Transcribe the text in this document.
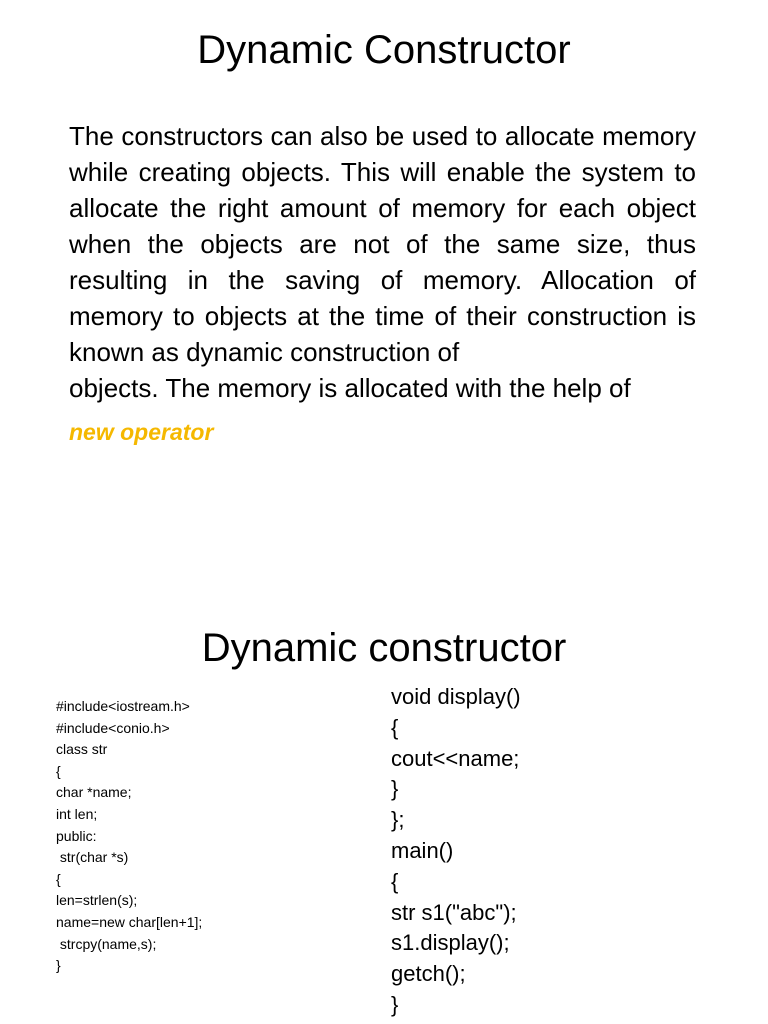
Dynamic Constructor

The constructors can also be used to allocate memory while creating objects. This will enable the system to allocate the right amount of memory for each object when the objects are not of the same size, thus resulting in the saving of memory. Allocation of memory to objects at the time of their construction is known as dynamic construction of
objects. The memory is allocated with the help of

new operator
Dynamic constructor
#include<iostream.h>
#include<conio.h>
class str
{
char *name;
int len;
public:
str(char *s)
{
len=strlen(s);
name=new char[len+1];
strcpy(name,s);
}
void display()
{
cout<<name;
}
};
main()
{
str s1("abc");
s1.display();
getch();
}
